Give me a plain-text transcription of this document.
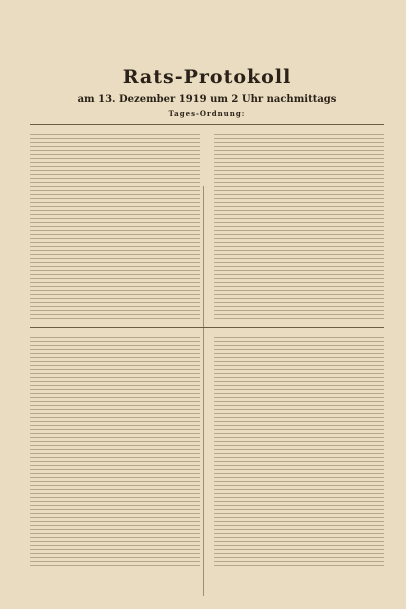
Rats-Protokoll
am 13. Dezember 1919 um 2 Uhr nachmittags
Tages-Ordnung:
